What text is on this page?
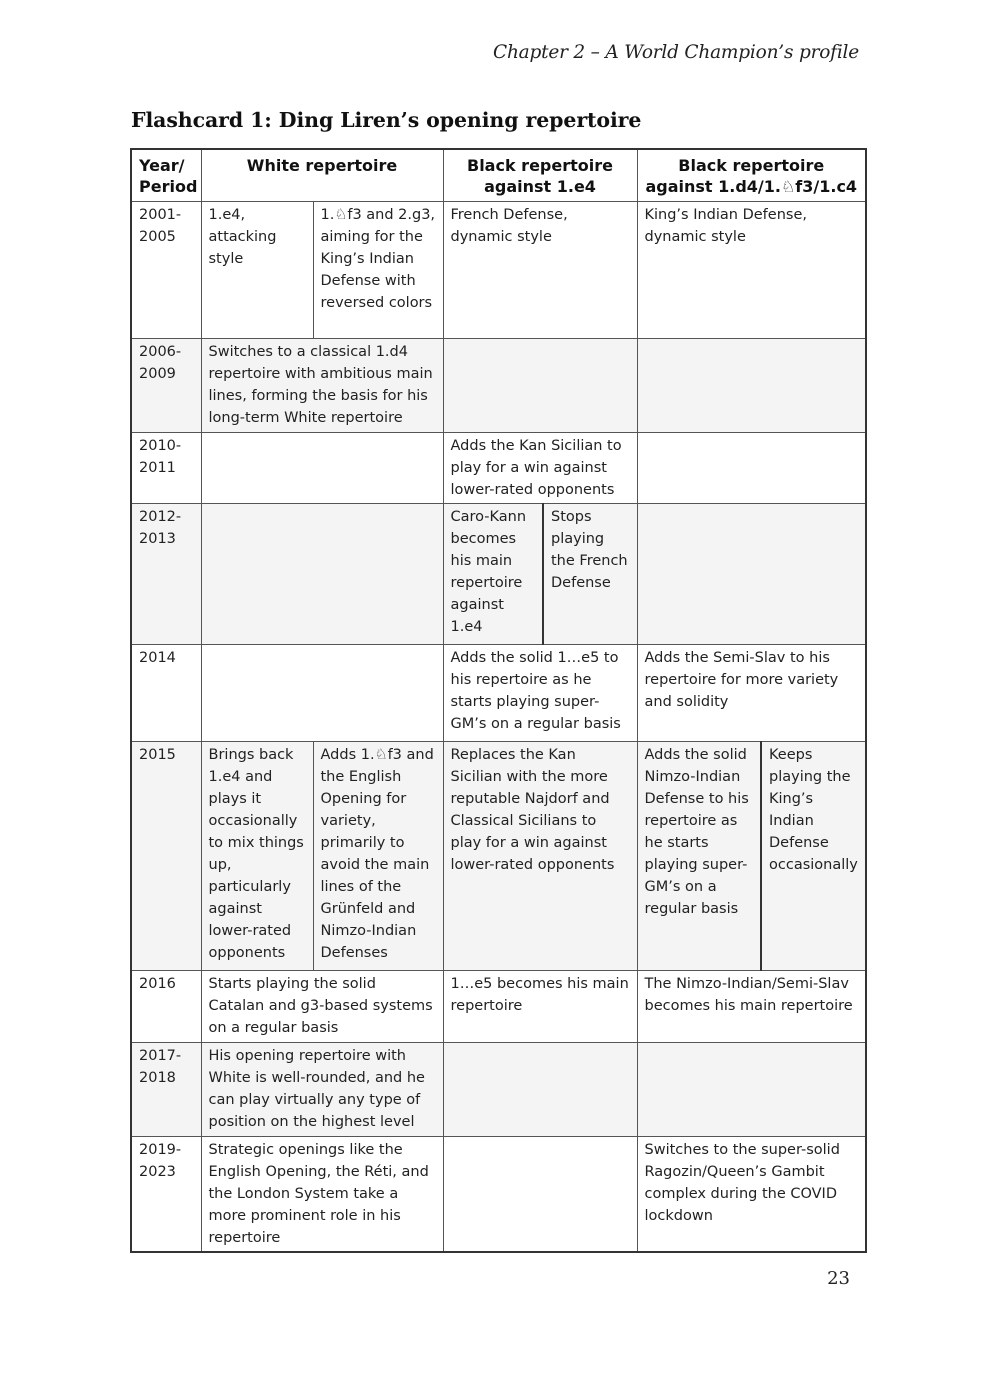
Chapter 2 – A World Champion’s profile
Flashcard 1: Ding Liren’s opening repertoire
Year/ Period	White repertoire		Black repertoire against 1.e4		Black repertoire against 1.d4/1.♘f3/1.c4	
2001-2005	1.e4, attacking style	1.♘f3 and 2.g3, aiming for the King’s Indian Defense with reversed colors	French Defense, dynamic style		King’s Indian Defense, dynamic style	
2006-2009	Switches to a classical 1.d4 repertoire with ambitious main lines, forming the basis for his long-term White repertoire					
2010-2011			Adds the Kan Sicilian to play for a win against lower-rated opponents			
2012-2013			Caro-Kann becomes his main repertoire against 1.e4	Stops playing the French Defense		
2014			Adds the solid 1…e5 to his repertoire as he starts playing super-GM’s on a regular basis		Adds the Semi-Slav to his repertoire for more variety and solidity	
2015	Brings back 1.e4 and plays it occasionally to mix things up, particularly against lower-rated opponents	Adds 1.♘f3 and the English Opening for variety, primarily to avoid the main lines of the Grünfeld and Nimzo-Indian Defenses	Replaces the Kan Sicilian with the more reputable Najdorf and Classical Sicilians to play for a win against lower-rated opponents		Adds the solid Nimzo-Indian Defense to his repertoire as he starts playing super-GM’s on a regular basis	Keeps playing the King’s Indian Defense occasionally
2016	Starts playing the solid Catalan and g3-based systems on a regular basis		1…e5 becomes his main repertoire		The Nimzo-Indian/Semi-Slav becomes his main repertoire	
2017-2018	His opening repertoire with White is well-rounded, and he can play virtually any type of position on the highest level					
2019-2023	Strategic openings like the English Opening, the Réti, and the London System take a more prominent role in his repertoire				Switches to the super-solid Ragozin/Queen’s Gambit complex during the COVID lockdown	
23
